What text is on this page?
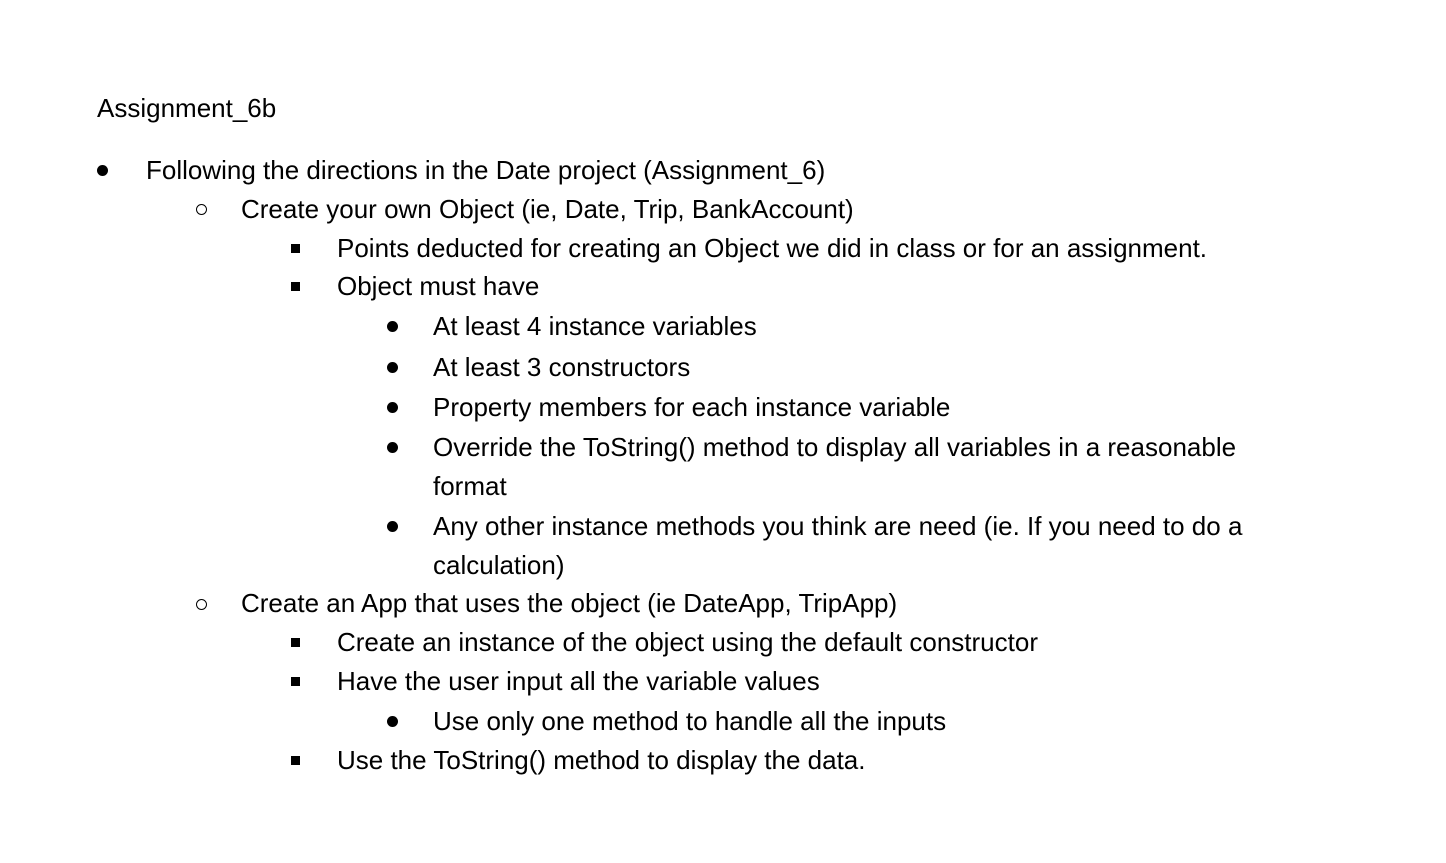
Assignment_6b
Following the directions in the Date project (Assignment_6)
Create your own Object (ie, Date, Trip, BankAccount)
Points deducted for creating an Object we did in class or for an assignment.
Object must have
At least 4 instance variables
At least 3 constructors
Property members for each instance variable
Override the ToString() method to display all variables in a reasonable
format
Any other instance methods you think are need (ie. If you need to do a
calculation)
Create an App that uses the object (ie DateApp, TripApp)
Create an instance of the object using the default constructor
Have the user input all the variable values
Use only one method to handle all the inputs
Use the ToString() method to display the data.
